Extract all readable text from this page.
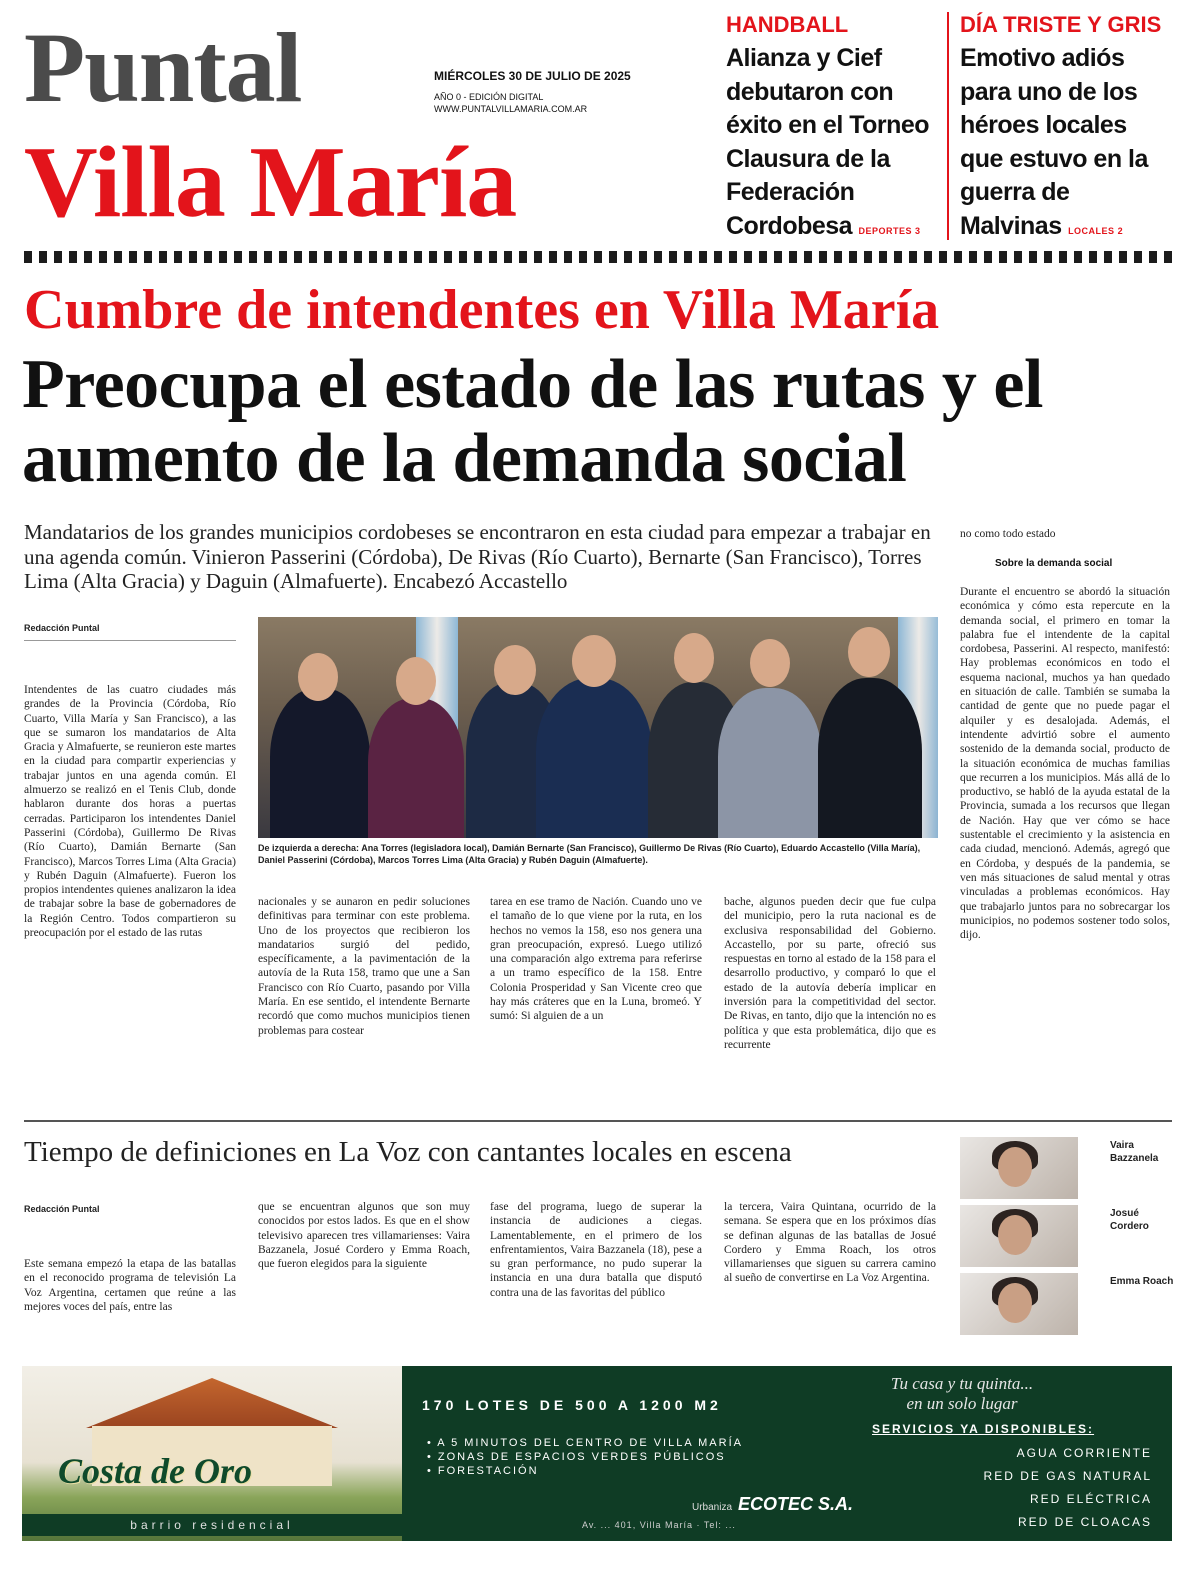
Puntal
Villa María
MIÉRCOLES 30 DE JULIO DE 2025
AÑO 0 - EDICIÓN DIGITAL
WWW.PUNTALVILLAMARIA.COM.AR
HANDBALL
Alianza y Cief debutaron con éxito en el Torneo Clausura de la Federación Cordobesa DEPORTES 3
DÍA TRISTE Y GRIS
Emotivo adiós para uno de los héroes locales que estuvo en la guerra de Malvinas LOCALES 2
Cumbre de intendentes en Villa María
Preocupa el estado de las rutas y el aumento de la demanda social
Mandatarios de los grandes municipios cordobeses se encontraron en esta ciudad para empezar a trabajar en una agenda común. Vinieron Passerini (Córdoba), De Rivas (Río Cuarto), Bernarte (San Francisco), Torres Lima (Alta Gracia) y Daguin (Almafuerte). Encabezó Accastello
Redacción Puntal
Intendentes de las cuatro ciudades más grandes de la Provincia (Córdoba, Río Cuarto, Villa María y San Francisco), a las que se sumaron los mandatarios de Alta Gracia y Almafuerte, se reunieron este martes en la ciudad para compartir experiencias y trabajar juntos en una agenda común. El almuerzo se realizó en el Tenis Club, donde hablaron durante dos horas a puertas cerradas. Participaron los intendentes Daniel Passerini (Córdoba), Guillermo De Rivas (Río Cuarto), Damián Bernarte (San Francisco), Marcos Torres Lima (Alta Gracia) y Rubén Daguin (Almafuerte). Fueron los propios intendentes quienes analizaron la idea de trabajar sobre la base de gobernadores de la Región Centro. Todos compartieron su preocupación por el estado de las rutas
De izquierda a derecha: Ana Torres (legisladora local), Damián Bernarte (San Francisco), Guillermo De Rivas (Río Cuarto), Eduardo Accastello (Villa María), Daniel Passerini (Córdoba), Marcos Torres Lima (Alta Gracia) y Rubén Daguin (Almafuerte).
nacionales y se aunaron en pedir soluciones definitivas para terminar con este problema. Uno de los proyectos que recibieron los mandatarios surgió del pedido, específicamente, a la pavimentación de la autovía de la Ruta 158, tramo que une a San Francisco con Río Cuarto, pasando por Villa María. En ese sentido, el intendente Bernarte recordó que como muchos municipios tienen problemas para costear
tarea en ese tramo de Nación. Cuando uno ve el tamaño de lo que viene por la ruta, en los hechos no vemos la 158, eso nos genera una gran preocupación, expresó. Luego utilizó una comparación algo extrema para referirse a un tramo específico de la 158. Entre Colonia Prosperidad y San Vicente creo que hay más cráteres que en la Luna, bromeó. Y sumó: Si alguien de a un
bache, algunos pueden decir que fue culpa del municipio, pero la ruta nacional es de exclusiva responsabilidad del Gobierno. Accastello, por su parte, ofreció sus respuestas en torno al estado de la 158 para el desarrollo productivo, y comparó lo que el estado de la autovía debería implicar en inversión para la competitividad del sector. De Rivas, en tanto, dijo que la intención no es política y que esta problemática, dijo que es recurrente
no como todo estado
Sobre la demanda social
Durante el encuentro se abordó la situación económica y cómo esta repercute en la demanda social, el primero en tomar la palabra fue el intendente de la capital cordobesa, Passerini. Al respecto, manifestó: Hay problemas económicos en todo el esquema nacional, muchos ya han quedado en situación de calle. También se sumaba la cantidad de gente que no puede pagar el alquiler y es desalojada. Además, el intendente advirtió sobre el aumento sostenido de la demanda social, producto de la situación económica de muchas familias que recurren a los municipios. Más allá de lo productivo, se habló de la ayuda estatal de la Provincia, sumada a los recursos que llegan de Nación. Hay que ver cómo se hace sustentable el crecimiento y la asistencia en cada ciudad, mencionó. Además, agregó que en Córdoba, y después de la pandemia, se ven más situaciones de salud mental y otras vinculadas a problemas económicos. Hay que trabajarlo juntos para no sobrecargar los municipios, no podemos sostener todo solos, dijo.
Tiempo de definiciones en La Voz con cantantes locales en escena
Redacción Puntal
Este semana empezó la etapa de las batallas en el reconocido programa de televisión La Voz Argentina, certamen que reúne a las mejores voces del país, entre las
que se encuentran algunos que son muy conocidos por estos lados. Es que en el show televisivo aparecen tres villamarienses: Vaira Bazzanela, Josué Cordero y Emma Roach, que fueron elegidos para la siguiente
fase del programa, luego de superar la instancia de audiciones a ciegas. Lamentablemente, en el primero de los enfrentamientos, Vaira Bazzanela (18), pese a su gran performance, no pudo superar la instancia en una dura batalla que disputó contra una de las favoritas del público
la tercera, Vaira Quintana, ocurrido de la semana. Se espera que en los próximos días se definan algunas de las batallas de Josué Cordero y Emma Roach, los otros villamarienses que siguen su carrera camino al sueño de convertirse en La Voz Argentina.
Vaira Bazzanela
Josué Cordero
Emma Roach
Costa de Oro
barrio residencial
170 LOTES DE 500 A 1200 M2
• A 5 MINUTOS DEL CENTRO DE VILLA MARÍA
• ZONAS DE ESPACIOS VERDES PÚBLICOS
• FORESTACIÓN
Tu casa y tu quinta...
en un solo lugar
SERVICIOS YA DISPONIBLES:
AGUA CORRIENTE
RED DE GAS NATURAL
RED ELÉCTRICA
RED DE CLOACAS
Urbaniza ECOTEC S.A.
Av. ... 401, Villa María · Tel: ...
